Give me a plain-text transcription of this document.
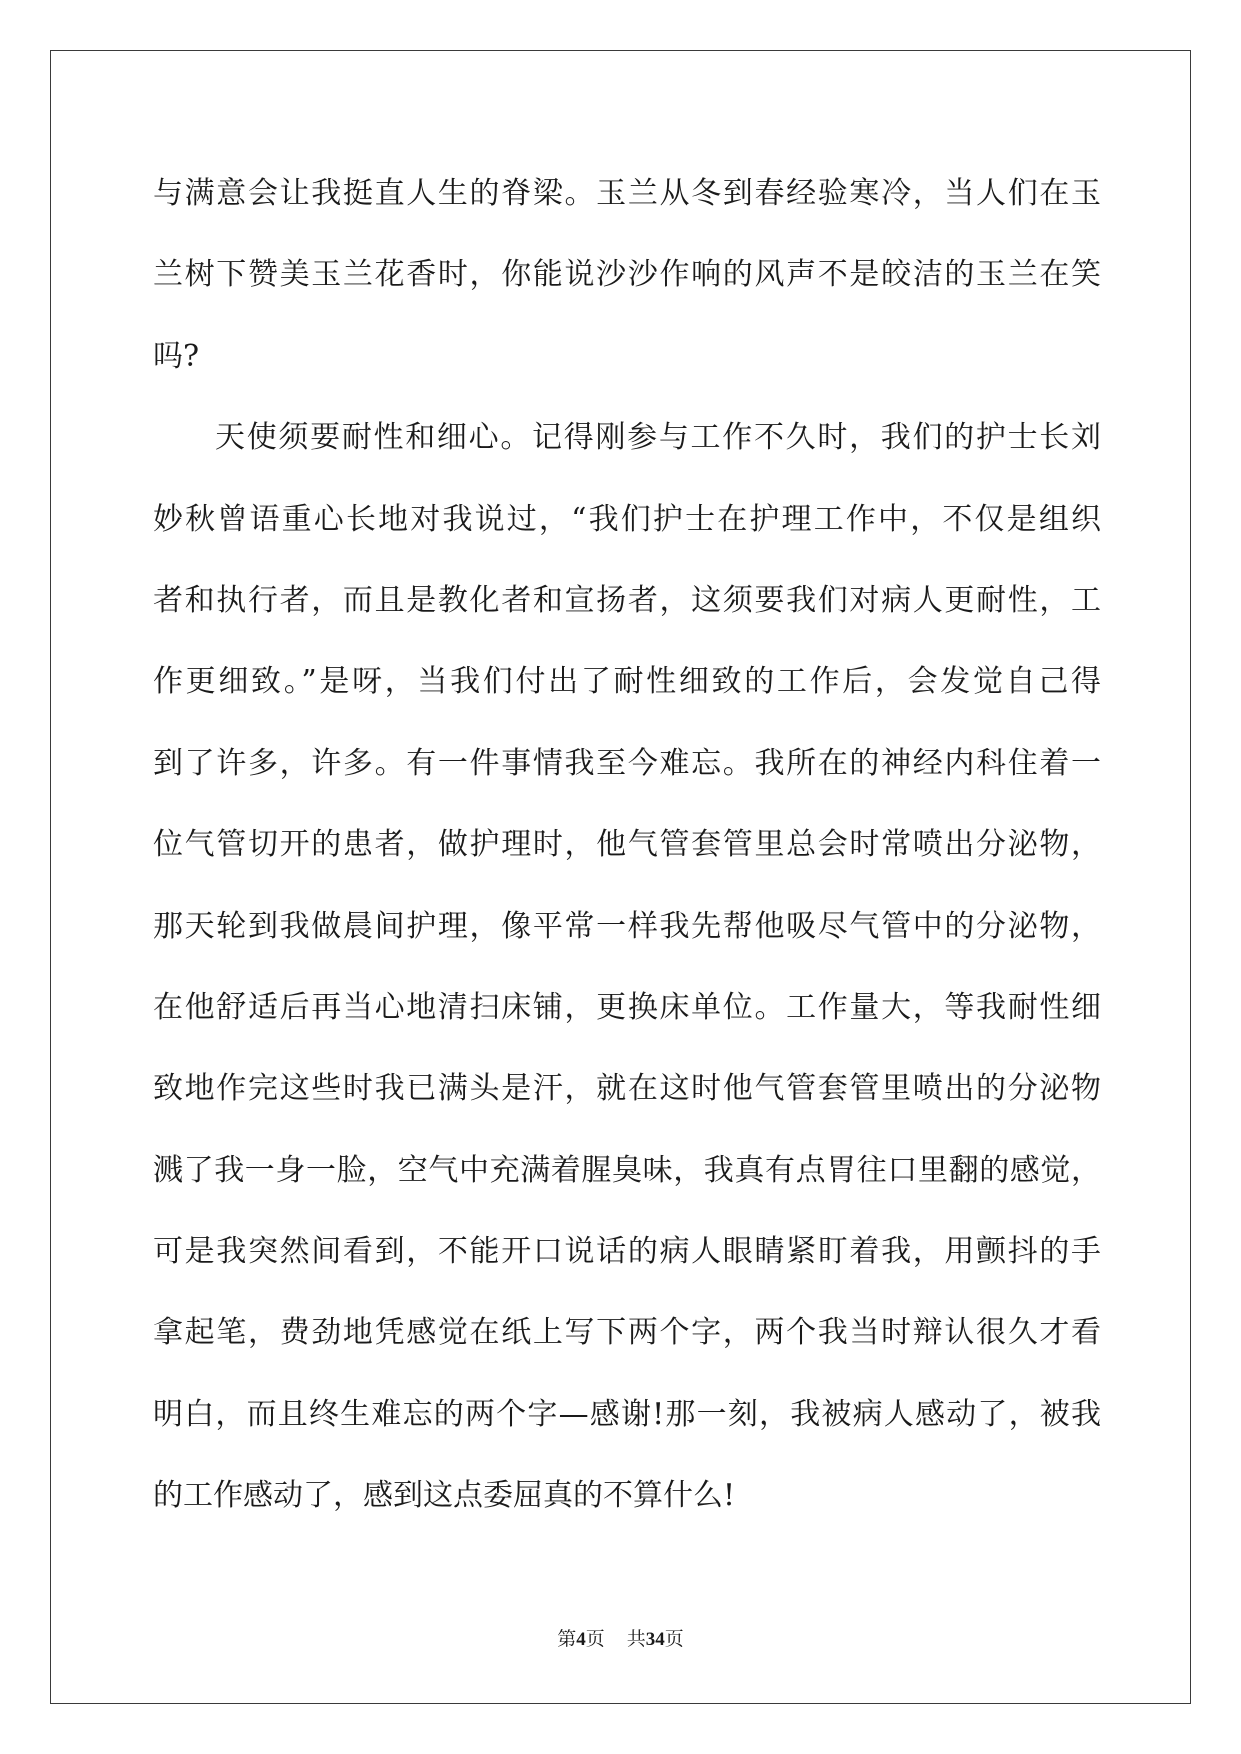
与满意会让我挺直人生的脊梁。玉兰从冬到春经验寒冷，当人们在玉
兰树下赞美玉兰花香时，你能说沙沙作响的风声不是皎洁的玉兰在笑
吗?
天使须要耐性和细心。记得刚参与工作不久时，我们的护士长刘
妙秋曾语重心长地对我说过，“我们护士在护理工作中，不仅是组织
者和执行者，而且是教化者和宣扬者，这须要我们对病人更耐性，工
作更细致。”是呀，当我们付出了耐性细致的工作后，会发觉自己得
到了许多，许多。有一件事情我至今难忘。我所在的神经内科住着一
位气管切开的患者，做护理时，他气管套管里总会时常喷出分泌物，
那天轮到我做晨间护理，像平常一样我先帮他吸尽气管中的分泌物，
在他舒适后再当心地清扫床铺，更换床单位。工作量大，等我耐性细
致地作完这些时我已满头是汗，就在这时他气管套管里喷出的分泌物
溅了我一身一脸，空气中充满着腥臭味，我真有点胃往口里翻的感觉，
可是我突然间看到，不能开口说话的病人眼睛紧盯着我，用颤抖的手
拿起笔，费劲地凭感觉在纸上写下两个字，两个我当时辩认很久才看
明白，而且终生难忘的两个字—感谢!那一刻，我被病人感动了，被我
的工作感动了，感到这点委屈真的不算什么!
第4页 共34页
